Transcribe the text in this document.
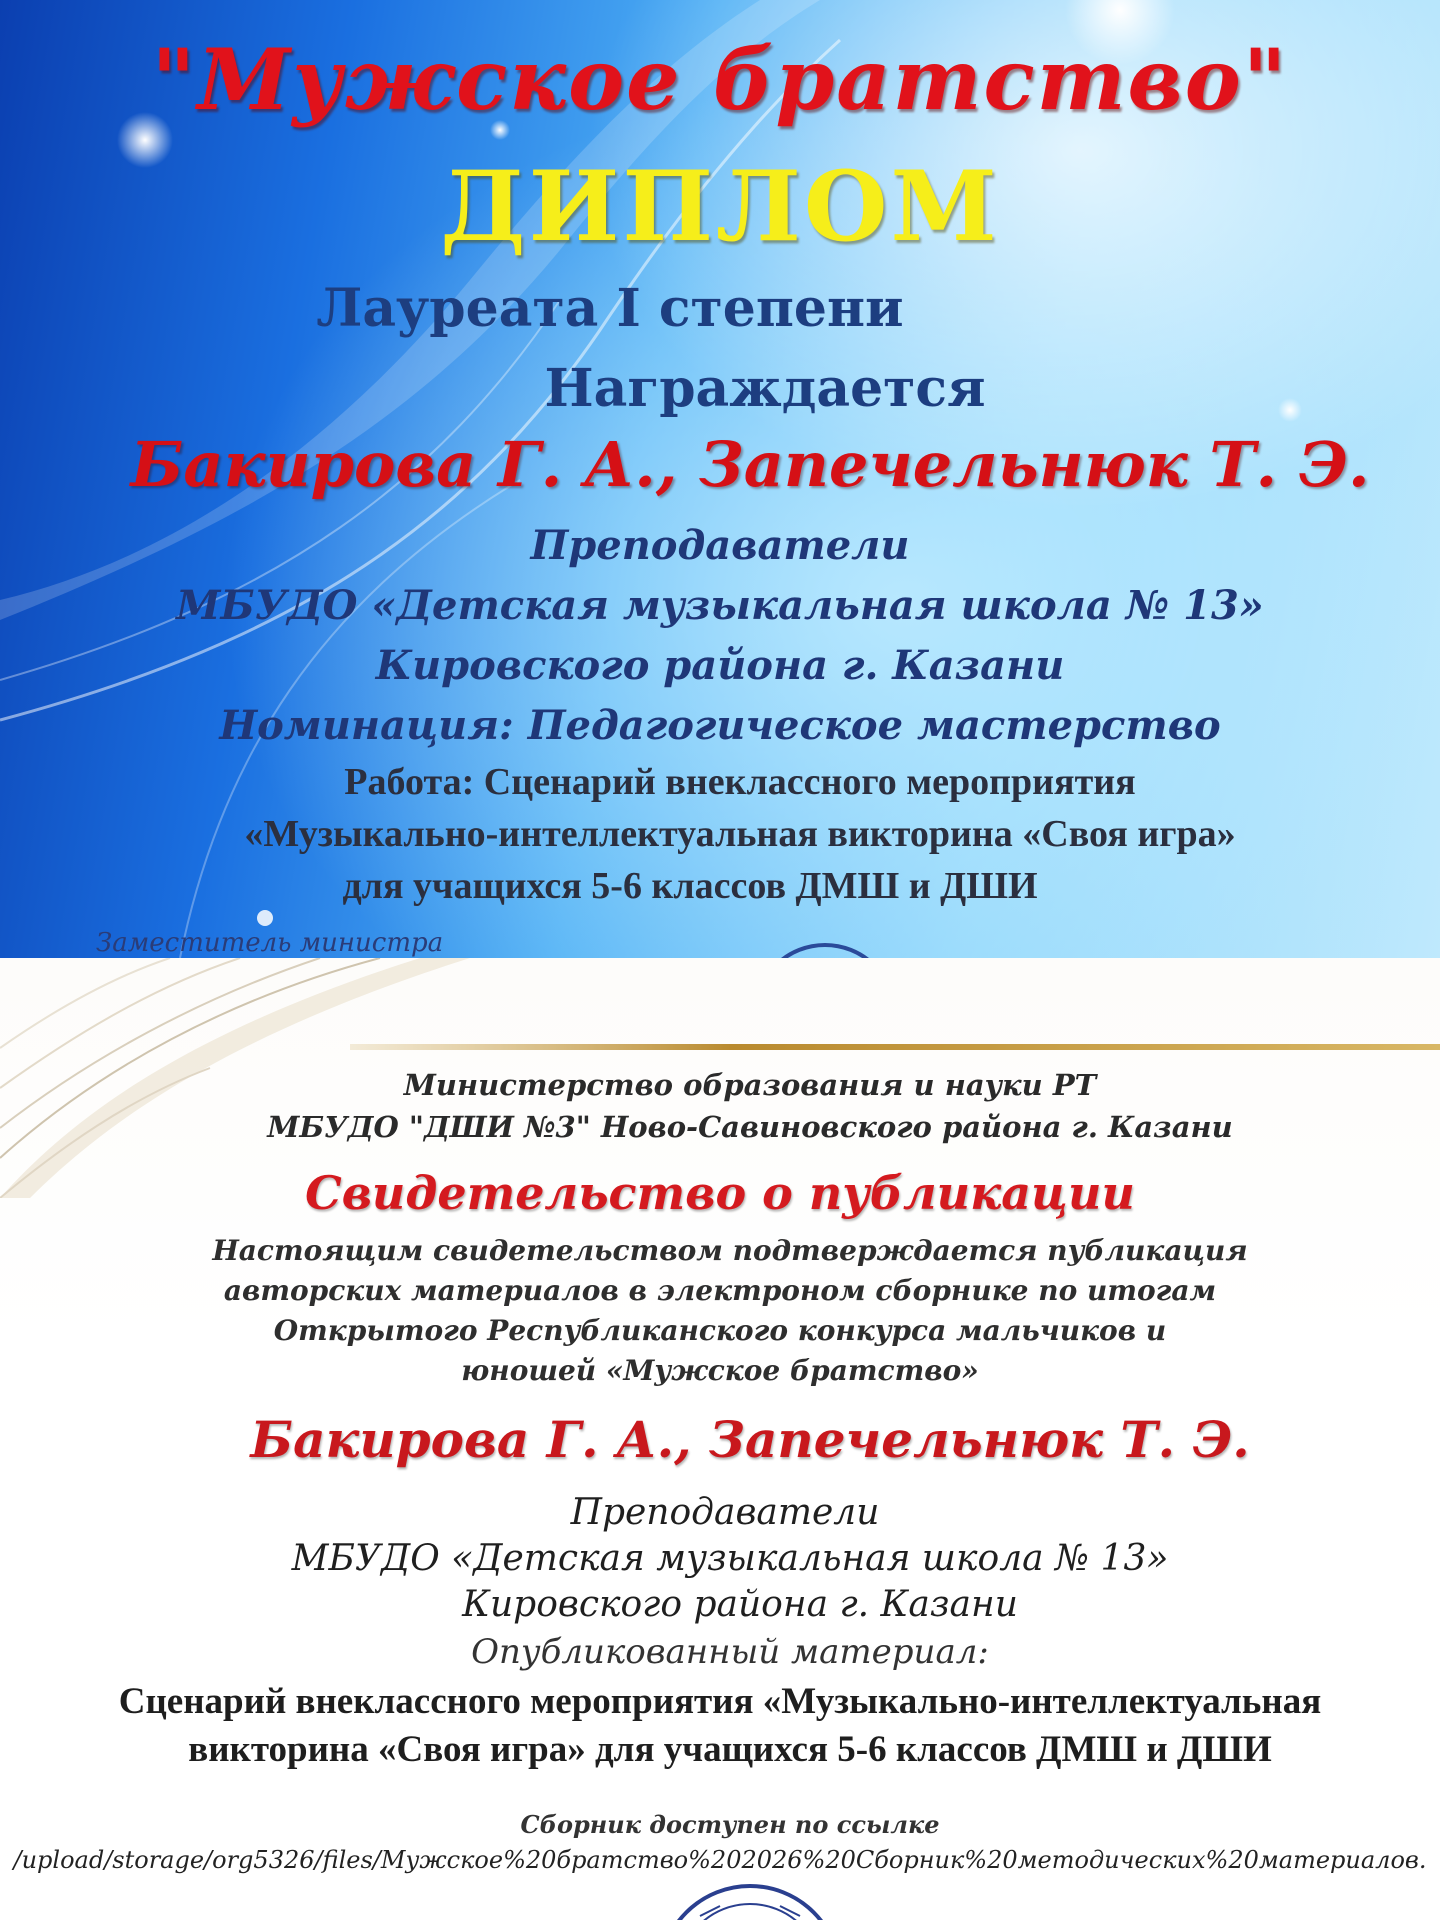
"Мужское братство"

ДИПЛОМ

Лауреата I степени

Награждается

Бакирова Г. А., Запечельнюк Т. Э.

Преподаватели

МБУДО «Детская музыкальная школа № 13»

Кировского района г. Казани

Номинация: Педагогическое мастерство

Работа: Сценарий внеклассного мероприятия

«Музыкально-интеллектуальная викторина «Своя игра»

для учащихся 5-6 классов ДМШ и ДШИ

Заместитель министра

Министерство образования и науки РТ

МБУДО "ДШИ №3" Ново-Савиновского района г. Казани

Свидетельство о публикации

Настоящим свидетельством подтверждается публикация

авторских материалов в электроном сборнике по итогам

Открытого Республиканского конкурса мальчиков и

юношей «Мужское братство»

Бакирова Г. А., Запечельнюк Т. Э.

Преподаватели

МБУДО «Детская музыкальная школа № 13»

Кировского района г. Казани

Опубликованный материал:

Сценарий внеклассного мероприятия «Музыкально-интеллектуальная

викторина «Своя игра» для учащихся 5-6 классов ДМШ и ДШИ

Сборник доступен по ссылке

/upload/storage/org5326/files/Мужское%20братство%202026%20Сборник%20методических%20материалов.
